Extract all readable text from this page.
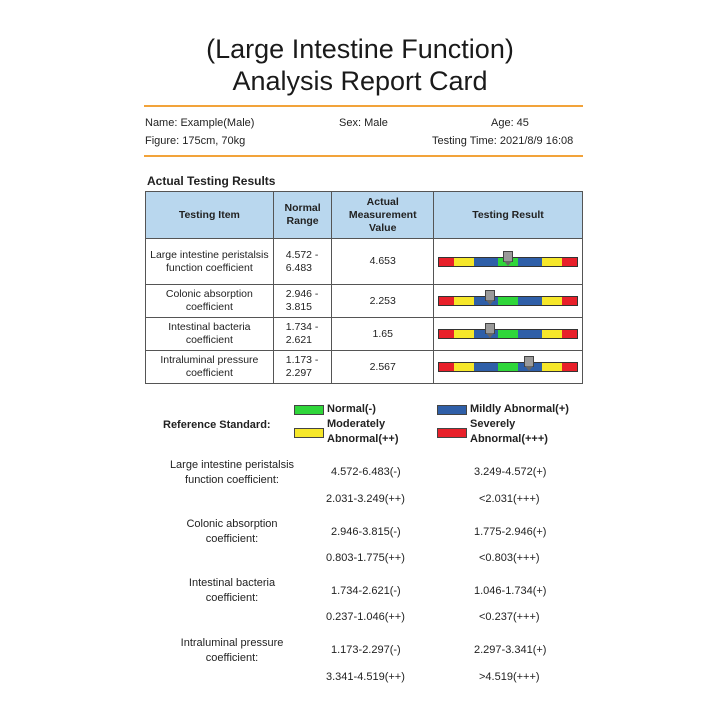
(Large Intestine Function)
Analysis Report Card
Name: Example(Male)	Sex: Male	Age: 45
Figure: 175cm, 70kg	Testing Time: 2021/8/9 16:08
Actual Testing Results
Testing Item	Normal Range	Actual Measurement Value	Testing Result
Large intestine peristalsis function coefficient	4.572 - 6.483	4.653	

Colonic absorption coefficient	2.946 - 3.815	2.253	

Intestinal bacteria coefficient	1.734 - 2.621	1.65	

Intraluminal pressure coefficient	1.173 - 2.297	2.567	
Reference Standard:
Normal(-)	Mildly Abnormal(+)
Moderately
Abnormal(++)
Severely
Abnormal(+++)
Large intestine peristalsis
function coefficient:
4.572-6.483(-)	3.249-4.572(+)
2.031-3.249(++)	<2.031(+++)
Colonic absorption
coefficient:
2.946-3.815(-)	1.775-2.946(+)
0.803-1.775(++)	<0.803(+++)
Intestinal bacteria
coefficient:
1.734-2.621(-)	1.046-1.734(+)
0.237-1.046(++)	<0.237(+++)
Intraluminal pressure
coefficient:
1.173-2.297(-)	2.297-3.341(+)
3.341-4.519(++)	>4.519(+++)
